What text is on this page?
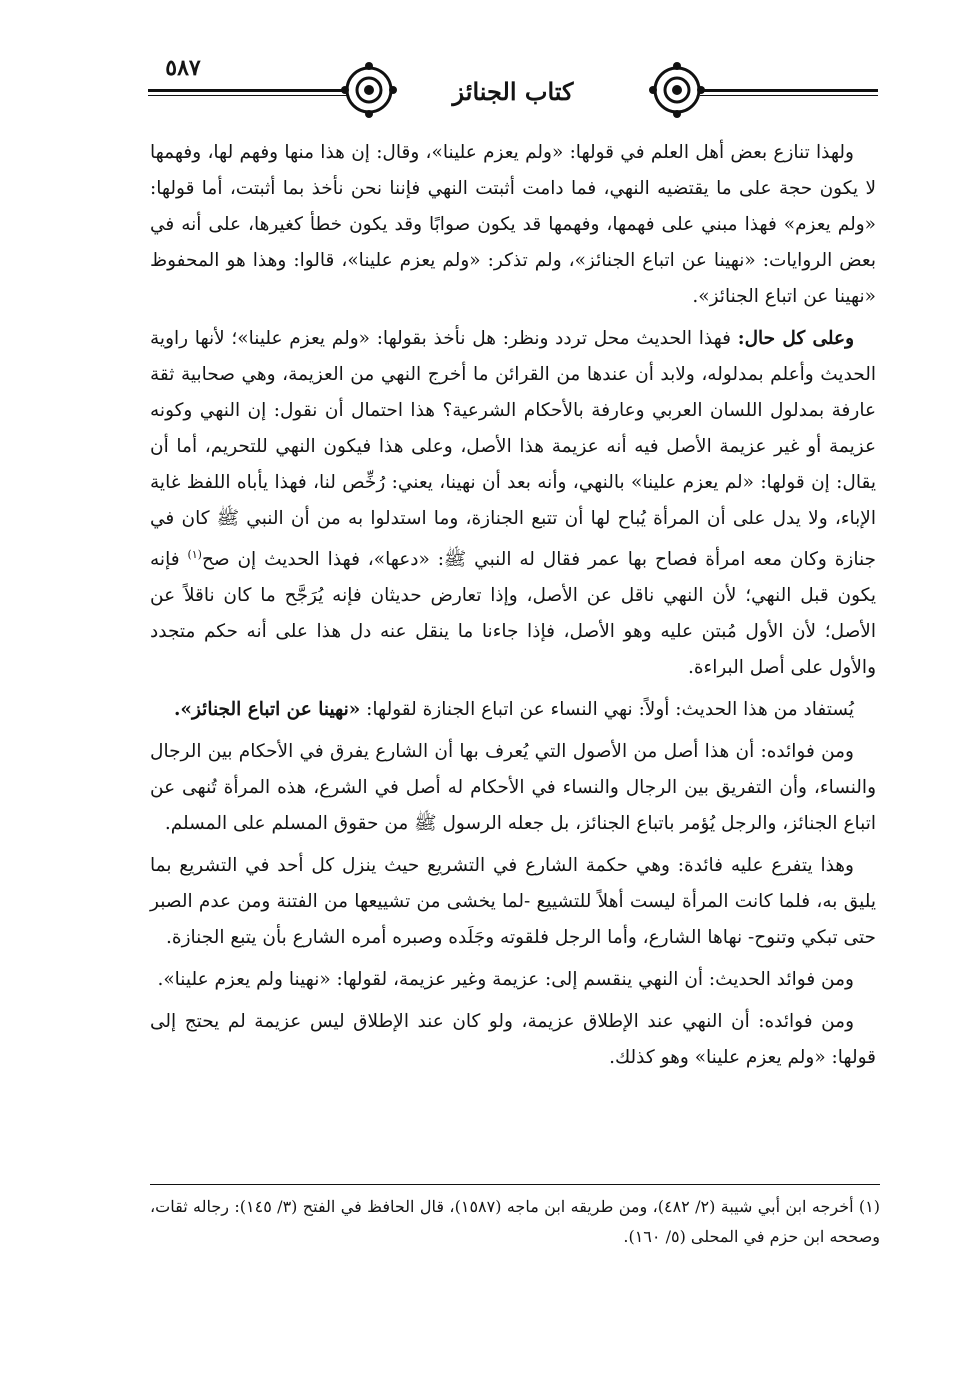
٥٨٧
كتاب الجنائز

ولهذا تنازع بعض أهل العلم في قولها: «ولم يعزم علينا»، وقال: إن هذا منها وفهم لها، وفهمها لا يكون حجة على ما يقتضيه النهي، فما دامت أثبتت النهي فإننا نحن نأخذ بما أثبتت، أما قولها: «ولم يعزم» فهذا مبني على فهمها، وفهمها قد يكون صوابًا وقد يكون خطأ كغيرها، على أنه في بعض الروايات: «نهينا عن اتباع الجنائز»، ولم تذكر: «ولم يعزم علينا»، قالوا: وهذا هو المحفوظ «نهينا عن اتباع الجنائز».

وعلى كل حال: فهذا الحديث محل تردد ونظر: هل نأخذ بقولها: «ولم يعزم علينا»؛ لأنها راوية الحديث وأعلم بمدلوله، ولابد أن عندها من القرائن ما أخرج النهي من العزيمة، وهي صحابية ثقة عارفة بمدلول اللسان العربي وعارفة بالأحكام الشرعية؟ هذا احتمال أن نقول: إن النهي وكونه عزيمة أو غير عزيمة الأصل فيه أنه عزيمة هذا الأصل، وعلى هذا فيكون النهي للتحريم، أما أن يقال: إن قولها: «لم يعزم علينا» بالنهي، وأنه بعد أن نهينا، يعني: رُخِّص لنا، فهذا يأباه اللفظ غاية الإباء، ولا يدل على أن المرأة يُباح لها أن تتبع الجنازة، وما استدلوا به من أن النبي ﷺ كان في جنازة وكان معه امرأة فصاح بها عمر فقال له النبي ﷺ: «دعها»، فهذا الحديث إن صح$^{(١)}$ فإنه يكون قبل النهي؛ لأن النهي ناقل عن الأصل، وإذا تعارض حديثان فإنه يُرَجَّح ما كان ناقلاً عن الأصل؛ لأن الأول مُبتن عليه وهو الأصل، فإذا جاءنا ما ينقل عنه دل هذا على أنه حكم متجدد والأول على أصل البراءة.

يُستفاد من هذا الحديث: أولاً: نهي النساء عن اتباع الجنازة لقولها: «نهينا عن اتباع الجنائز».

ومن فوائده: أن هذا أصل من الأصول التي يُعرف بها أن الشارع يفرق في الأحكام بين الرجال والنساء، وأن التفريق بين الرجال والنساء في الأحكام له أصل في الشرع، هذه المرأة تُنهى عن اتباع الجنائز، والرجل يُؤمر باتباع الجنائز، بل جعله الرسول ﷺ من حقوق المسلم على المسلم.

وهذا يتفرع عليه فائدة: وهي حكمة الشارع في التشريع حيث ينزل كل أحد في التشريع بما يليق به، فلما كانت المرأة ليست أهلاً للتشييع -لما يخشى من تشييعها من الفتنة ومن عدم الصبر حتى تبكي وتنوح- نهاها الشارع، وأما الرجل فلقوته وجَلَده وصبره أمره الشارع بأن يتبع الجنازة.

ومن فوائد الحديث: أن النهي ينقسم إلى: عزيمة وغير عزيمة، لقولها: «نهينا ولم يعزم علينا».

ومن فوائده: أن النهي عند الإطلاق عزيمة، ولو كان عند الإطلاق ليس عزيمة لم يحتج إلى قولها: «ولم يعزم علينا» وهو كذلك.

(١) أخرجه ابن أبي شيبة (٢/ ٤٨٢)، ومن طريقه ابن ماجه (١٥٨٧)، قال الحافظ في الفتح (٣/ ١٤٥): رجاله ثقات، وصححه ابن حزم في المحلى (٥/ ١٦٠).
